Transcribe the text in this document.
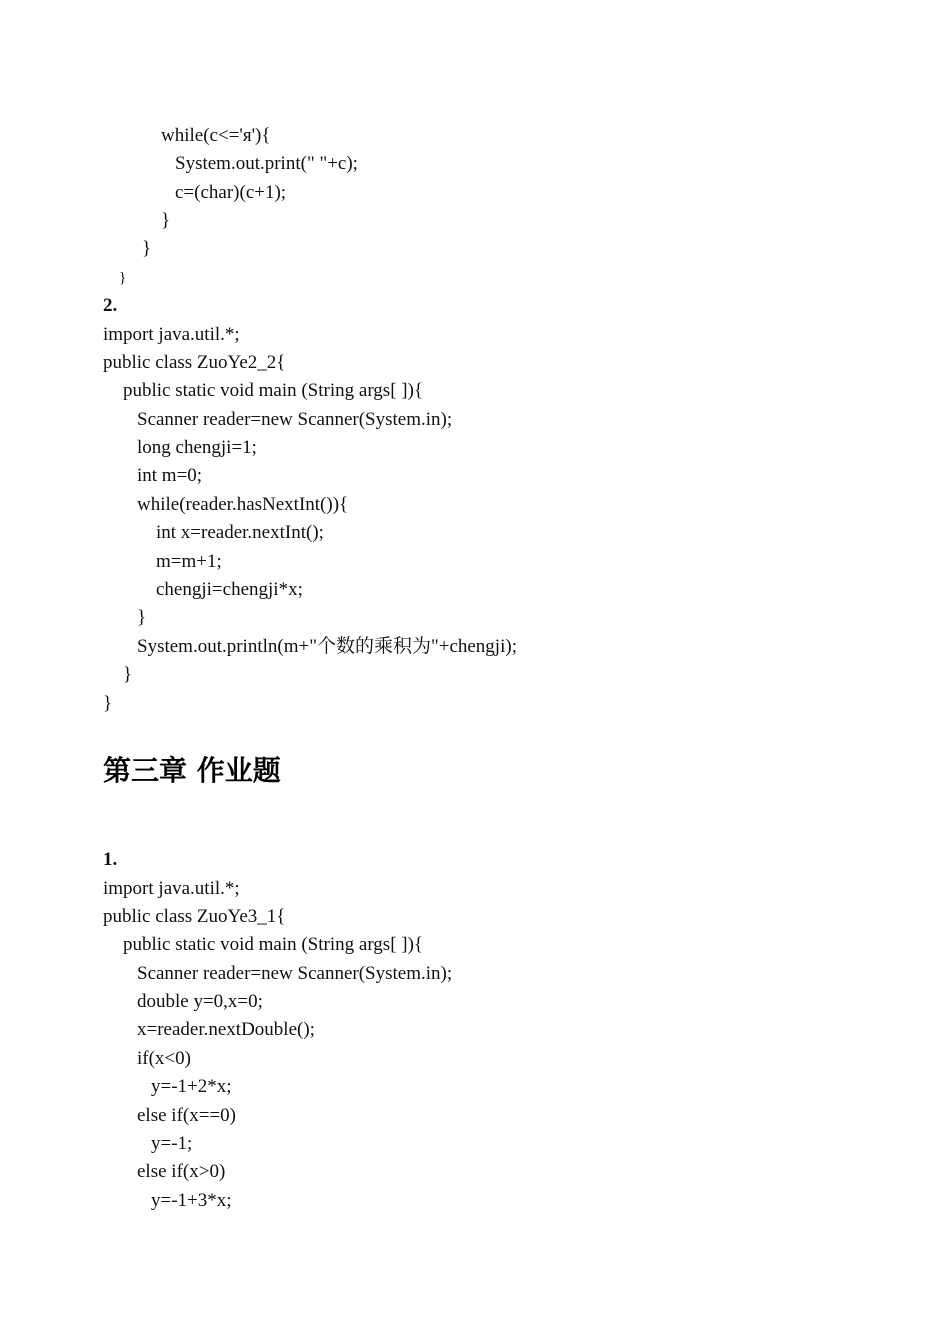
while(c<='я'){
System.out.print(" "+c);
c=(char)(c+1);
}
}
}
2.
import java.util.*;
public class ZuoYe2_2{
public static void main (String args[ ]){
Scanner reader=new Scanner(System.in);
long chengji=1;
int m=0;
while(reader.hasNextInt()){
int x=reader.nextInt();
m=m+1;
chengji=chengji*x;
}
System.out.println(m+"个数的乘积为"+chengji);
}
}
第三章 作业题
1.
import java.util.*;
public class ZuoYe3_1{
public static void main (String args[ ]){
Scanner reader=new Scanner(System.in);
double y=0,x=0;
x=reader.nextDouble();
if(x<0)
y=-1+2*x;
else if(x==0)
y=-1;
else if(x>0)
y=-1+3*x;
